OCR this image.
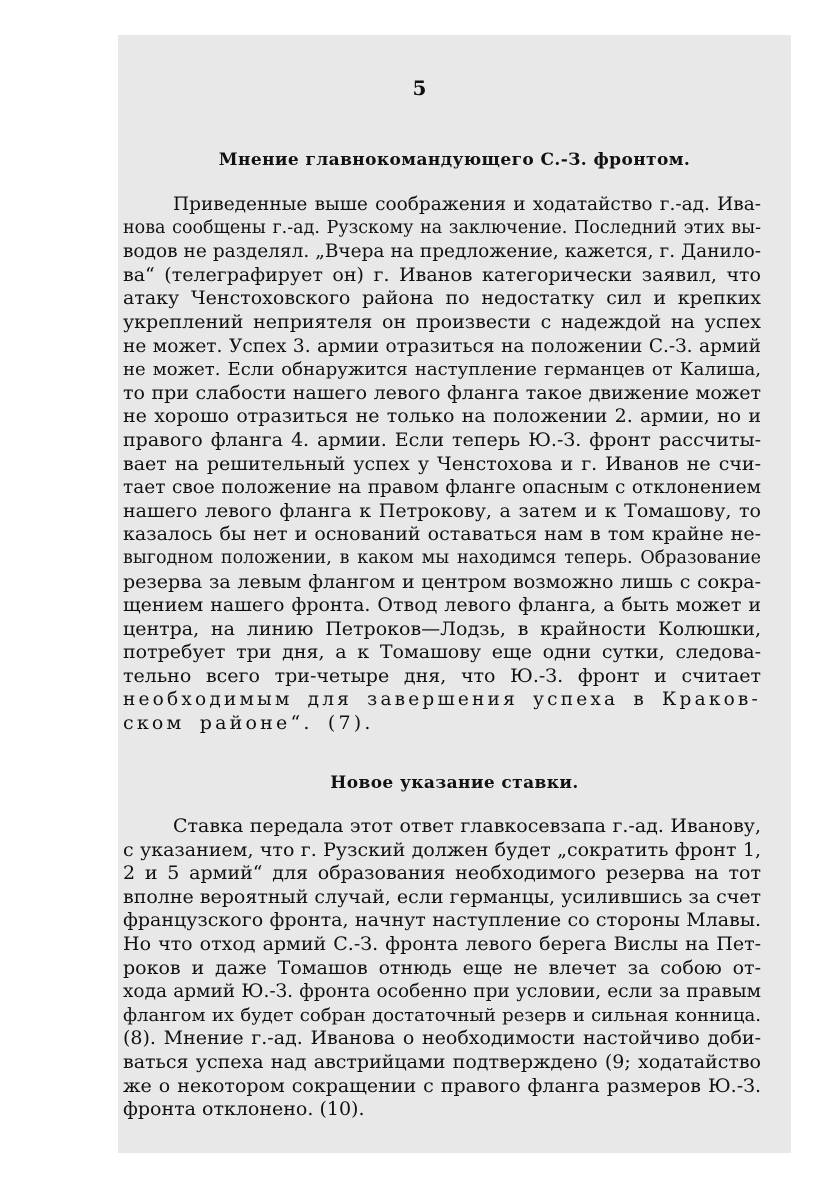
5
Мнение главнокомандующего С.-З. фронтом.
Приведенные выше соображения и ходатайство г.-ад. Ива-
нова сообщены г.-ад. Рузскому на заключение. Последний этих вы-
водов не разделял. „Вчера на предложение, кажется, г. Данило-
ва“ (телеграфирует он) г. Иванов категорически заявил, что
атаку Ченстоховского района по недостатку сил и крепких
укреплений неприятеля он произвести с надеждой на успех
не может. Успех 3. армии отразиться на положении С.-З. армий
не может. Если обнаружится наступление германцев от Калиша,
то при слабости нашего левого фланга такое движение может
не хорошо отразиться не только на положении 2. армии, но и
правого фланга 4. армии. Если теперь Ю.-З. фронт рассчиты-
вает на решительный успех у Ченстохова и г. Иванов не счи-
тает свое положение на правом фланге опасным с отклонением
нашего левого фланга к Петрокову, а затем и к Томашову, то
казалось бы нет и оснований оставаться нам в том крайне не-
выгодном положении, в каком мы находимся теперь. Образование
резерва за левым флангом и центром возможно лишь с сокра-
щением нашего фронта. Отвод левого фланга, а быть может и
центра, на линию Петроков—Лодзь, в крайности Колюшки,
потребует три дня, а к Томашову еще одни сутки, следова-
тельно всего три-четыре дня, что Ю.-З. фронт и считает
необходимым для завершения успеха в Краков-
ском районе“. (7).
Новое указание ставки.
Ставка передала этот ответ главкосевзапа г.-ад. Иванову,
с указанием, что г. Рузский должен будет „сократить фронт 1,
2 и 5 армий“ для образования необходимого резерва на тот
вполне вероятный случай, если германцы, усилившись за счет
французского фронта, начнут наступление со стороны Млавы.
Но что отход армий С.-З. фронта левого берега Вислы на Пет-
роков и даже Томашов отнюдь еще не влечет за собою от-
хода армий Ю.-З. фронта особенно при условии, если за правым
флангом их будет собран достаточный резерв и сильная конница.
(8). Мнение г.-ад. Иванова о необходимости настойчиво доби-
ваться успеха над австрийцами подтверждено (9; ходатайство
же о некотором сокращении с правого фланга размеров Ю.-З.
фронта отклонено. (10).
